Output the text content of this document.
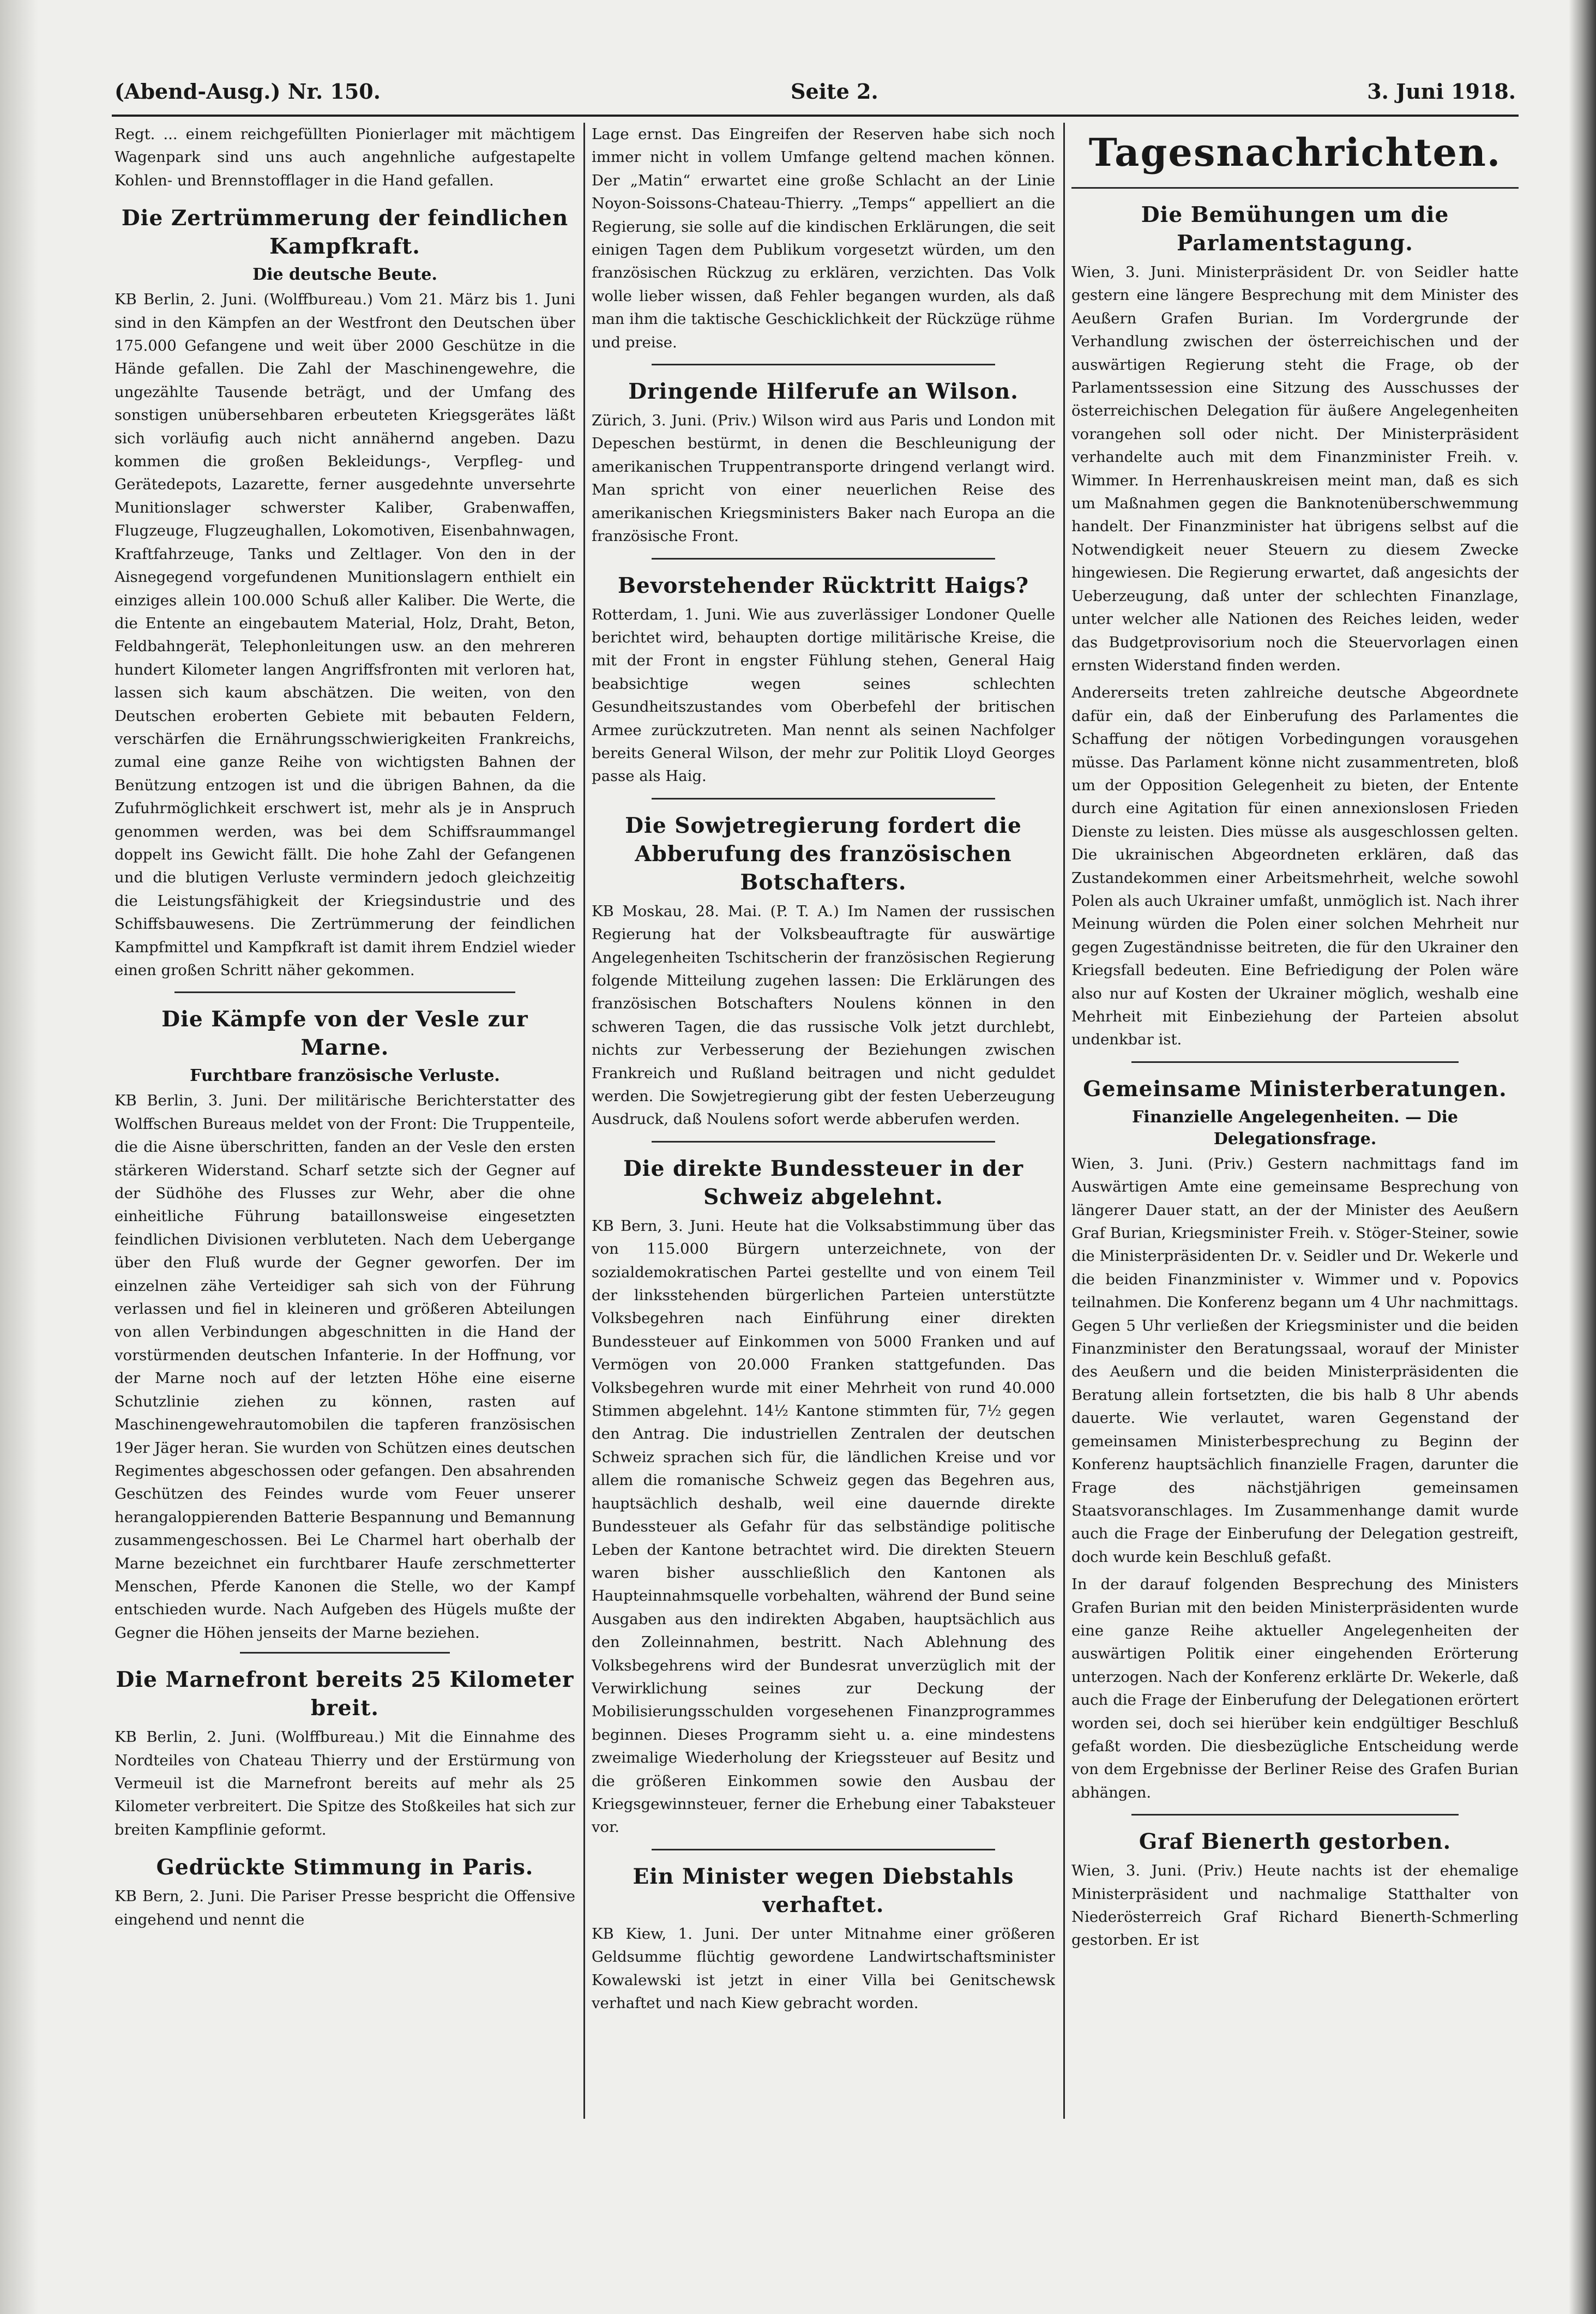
(Abend-Ausg.) Nr. 150.	Seite 2.	3. Juni 1918.

Regt. ... einem reichgefüllten Pionierlager mit mächtigem Wagenpark sind uns auch angehnliche aufgestapelte Kohlen- und Brennstofflager in die Hand gefallen.

Die Zertrümmerung der feindlichen Kampfkraft.
Die deutsche Beute.

KB Berlin, 2. Juni. (Wolffbureau.) Vom 21. März bis 1. Juni sind in den Kämpfen an der Westfront den Deutschen über 175.000 Gefangene und weit über 2000 Geschütze in die Hände gefallen. Die Zahl der Maschinengewehre, die ungezählte Tausende beträgt, und der Umfang des sonstigen unübersehbaren erbeuteten Kriegsgerätes läßt sich vorläufig auch nicht annähernd angeben. Dazu kommen die großen Bekleidungs-, Verpfleg- und Gerätedepots, Lazarette, ferner ausgedehnte unversehrte Munitionslager schwerster Kaliber, Grabenwaffen, Flugzeuge, Flugzeughallen, Lokomotiven, Eisenbahnwagen, Kraftfahrzeuge, Tanks und Zeltlager. Von den in der Aisnegegend vorgefundenen Munitionslagern enthielt ein einziges allein 100.000 Schuß aller Kaliber. Die Werte, die die Entente an eingebautem Material, Holz, Draht, Beton, Feldbahngerät, Telephonleitungen usw. an den mehreren hundert Kilometer langen Angriffsfronten mit verloren hat, lassen sich kaum abschätzen. Die weiten, von den Deutschen eroberten Gebiete mit bebauten Feldern, verschärfen die Ernährungsschwierigkeiten Frankreichs, zumal eine ganze Reihe von wichtigsten Bahnen der Benützung entzogen ist und die übrigen Bahnen, da die Zufuhrmöglichkeit erschwert ist, mehr als je in Anspruch genommen werden, was bei dem Schiffsraummangel doppelt ins Gewicht fällt. Die hohe Zahl der Gefangenen und die blutigen Verluste vermindern jedoch gleichzeitig die Leistungsfähigkeit der Kriegsindustrie und des Schiffsbauwesens. Die Zertrümmerung der feindlichen Kampfmittel und Kampfkraft ist damit ihrem Endziel wieder einen großen Schritt näher gekommen.

Die Kämpfe von der Vesle zur Marne.
Furchtbare französische Verluste.

KB Berlin, 3. Juni. Der militärische Berichterstatter des Wolffschen Bureaus meldet von der Front: Die Truppenteile, die die Aisne überschritten, fanden an der Vesle den ersten stärkeren Widerstand. Scharf setzte sich der Gegner auf der Südhöhe des Flusses zur Wehr, aber die ohne einheitliche Führung bataillonsweise eingesetzten feindlichen Divisionen verbluteten. Nach dem Uebergange über den Fluß wurde der Gegner geworfen. Der im einzelnen zähe Verteidiger sah sich von der Führung verlassen und fiel in kleineren und größeren Abteilungen von allen Verbindungen abgeschnitten in die Hand der vorstürmenden deutschen Infanterie. In der Hoffnung, vor der Marne noch auf der letzten Höhe eine eiserne Schutzlinie ziehen zu können, rasten auf Maschinengewehrautomobilen die tapferen französischen 19er Jäger heran. Sie wurden von Schützen eines deutschen Regimentes abgeschossen oder gefangen. Den absahrenden Geschützen des Feindes wurde vom Feuer unserer herangaloppierenden Batterie Bespannung und Bemannung zusammengeschossen. Bei Le Charmel hart oberhalb der Marne bezeichnet ein furchtbarer Haufe zerschmetterter Menschen, Pferde Kanonen die Stelle, wo der Kampf entschieden wurde. Nach Aufgeben des Hügels mußte der Gegner die Höhen jenseits der Marne beziehen.

Die Marnefront bereits 25 Kilometer breit.

KB Berlin, 2. Juni. (Wolffbureau.) Mit die Einnahme des Nordteiles von Chateau Thierry und der Erstürmung von Vermeuil ist die Marnefront bereits auf mehr als 25 Kilometer verbreitert. Die Spitze des Stoßkeiles hat sich zur breiten Kampflinie geformt.

Gedrückte Stimmung in Paris.

KB Bern, 2. Juni. Die Pariser Presse bespricht die Offensive eingehend und nennt die

Lage ernst. Das Eingreifen der Reserven habe sich noch immer nicht in vollem Umfange geltend machen können. Der „Matin“ erwartet eine große Schlacht an der Linie Noyon-Soissons-Chateau-Thierry. „Temps“ appelliert an die Regierung, sie solle auf die kindischen Erklärungen, die seit einigen Tagen dem Publikum vorgesetzt würden, um den französischen Rückzug zu erklären, verzichten. Das Volk wolle lieber wissen, daß Fehler begangen wurden, als daß man ihm die taktische Geschicklichkeit der Rückzüge rühme und preise.

Dringende Hilferufe an Wilson.

Zürich, 3. Juni. (Priv.) Wilson wird aus Paris und London mit Depeschen bestürmt, in denen die Beschleunigung der amerikanischen Truppentransporte dringend verlangt wird. Man spricht von einer neuerlichen Reise des amerikanischen Kriegsministers Baker nach Europa an die französische Front.

Bevorstehender Rücktritt Haigs?

Rotterdam, 1. Juni. Wie aus zuverlässiger Londoner Quelle berichtet wird, behaupten dortige militärische Kreise, die mit der Front in engster Fühlung stehen, General Haig beabsichtige wegen seines schlechten Gesundheitszustandes vom Oberbefehl der britischen Armee zurückzutreten. Man nennt als seinen Nachfolger bereits General Wilson, der mehr zur Politik Lloyd Georges passe als Haig.

Die Sowjetregierung fordert die Abberufung des französischen Botschafters.

KB Moskau, 28. Mai. (P. T. A.) Im Namen der russischen Regierung hat der Volksbeauftragte für auswärtige Angelegenheiten Tschitscherin der französischen Regierung folgende Mitteilung zugehen lassen: Die Erklärungen des französischen Botschafters Noulens können in den schweren Tagen, die das russische Volk jetzt durchlebt, nichts zur Verbesserung der Beziehungen zwischen Frankreich und Rußland beitragen und nicht geduldet werden. Die Sowjetregierung gibt der festen Ueberzeugung Ausdruck, daß Noulens sofort werde abberufen werden.

Die direkte Bundessteuer in der Schweiz abgelehnt.

KB Bern, 3. Juni. Heute hat die Volksabstimmung über das von 115.000 Bürgern unterzeichnete, von der sozialdemokratischen Partei gestellte und von einem Teil der linksstehenden bürgerlichen Parteien unterstützte Volksbegehren nach Einführung einer direkten Bundessteuer auf Einkommen von 5000 Franken und auf Vermögen von 20.000 Franken stattgefunden. Das Volksbegehren wurde mit einer Mehrheit von rund 40.000 Stimmen abgelehnt. 14½ Kantone stimmten für, 7½ gegen den Antrag. Die industriellen Zentralen der deutschen Schweiz sprachen sich für, die ländlichen Kreise und vor allem die romanische Schweiz gegen das Begehren aus, hauptsächlich deshalb, weil eine dauernde direkte Bundessteuer als Gefahr für das selbständige politische Leben der Kantone betrachtet wird. Die direkten Steuern waren bisher ausschließlich den Kantonen als Haupteinnahmsquelle vorbehalten, während der Bund seine Ausgaben aus den indirekten Abgaben, hauptsächlich aus den Zolleinnahmen, bestritt. Nach Ablehnung des Volksbegehrens wird der Bundesrat unverzüglich mit der Verwirklichung seines zur Deckung der Mobilisierungsschulden vorgesehenen Finanzprogrammes beginnen. Dieses Programm sieht u. a. eine mindestens zweimalige Wiederholung der Kriegssteuer auf Besitz und die größeren Einkommen sowie den Ausbau der Kriegsgewinnsteuer, ferner die Erhebung einer Tabaksteuer vor.

Ein Minister wegen Diebstahls verhaftet.

KB Kiew, 1. Juni. Der unter Mitnahme einer größeren Geldsumme flüchtig gewordene Landwirtschaftsminister Kowalewski ist jetzt in einer Villa bei Genitschewsk verhaftet und nach Kiew gebracht worden.

Tagesnachrichten.
Die Bemühungen um die Parlamentstagung.

Wien, 3. Juni. Ministerpräsident Dr. von Seidler hatte gestern eine längere Besprechung mit dem Minister des Aeußern Grafen Burian. Im Vordergrunde der Verhandlung zwischen der österreichischen und der auswärtigen Regierung steht die Frage, ob der Parlamentssession eine Sitzung des Ausschusses der österreichischen Delegation für äußere Angelegenheiten vorangehen soll oder nicht. Der Ministerpräsident verhandelte auch mit dem Finanzminister Freih. v. Wimmer. In Herrenhauskreisen meint man, daß es sich um Maßnahmen gegen die Banknotenüberschwemmung handelt. Der Finanzminister hat übrigens selbst auf die Notwendigkeit neuer Steuern zu diesem Zwecke hingewiesen. Die Regierung erwartet, daß angesichts der Ueberzeugung, daß unter der schlechten Finanzlage, unter welcher alle Nationen des Reiches leiden, weder das Budgetprovisorium noch die Steuervorlagen einen ernsten Widerstand finden werden.

Andererseits treten zahlreiche deutsche Abgeordnete dafür ein, daß der Einberufung des Parlamentes die Schaffung der nötigen Vorbedingungen vorausgehen müsse. Das Parlament könne nicht zusammentreten, bloß um der Opposition Gelegenheit zu bieten, der Entente durch eine Agitation für einen annexionslosen Frieden Dienste zu leisten. Dies müsse als ausgeschlossen gelten. Die ukrainischen Abgeordneten erklären, daß das Zustandekommen einer Arbeitsmehrheit, welche sowohl Polen als auch Ukrainer umfaßt, unmöglich ist. Nach ihrer Meinung würden die Polen einer solchen Mehrheit nur gegen Zugeständnisse beitreten, die für den Ukrainer den Kriegsfall bedeuten. Eine Befriedigung der Polen wäre also nur auf Kosten der Ukrainer möglich, weshalb eine Mehrheit mit Einbeziehung der Parteien absolut undenkbar ist.

Gemeinsame Ministerberatungen.
Finanzielle Angelegenheiten. — Die Delegationsfrage.

Wien, 3. Juni. (Priv.) Gestern nachmittags fand im Auswärtigen Amte eine gemeinsame Besprechung von längerer Dauer statt, an der der Minister des Aeußern Graf Burian, Kriegsminister Freih. v. Stöger-Steiner, sowie die Ministerpräsidenten Dr. v. Seidler und Dr. Wekerle und die beiden Finanzminister v. Wimmer und v. Popovics teilnahmen. Die Konferenz begann um 4 Uhr nachmittags. Gegen 5 Uhr verließen der Kriegsminister und die beiden Finanzminister den Beratungssaal, worauf der Minister des Aeußern und die beiden Ministerpräsidenten die Beratung allein fortsetzten, die bis halb 8 Uhr abends dauerte. Wie verlautet, waren Gegenstand der gemeinsamen Ministerbesprechung zu Beginn der Konferenz hauptsächlich finanzielle Fragen, darunter die Frage des nächstjährigen gemeinsamen Staatsvoranschlages. Im Zusammenhange damit wurde auch die Frage der Einberufung der Delegation gestreift, doch wurde kein Beschluß gefaßt.

In der darauf folgenden Besprechung des Ministers Grafen Burian mit den beiden Ministerpräsidenten wurde eine ganze Reihe aktueller Angelegenheiten der auswärtigen Politik einer eingehenden Erörterung unterzogen. Nach der Konferenz erklärte Dr. Wekerle, daß auch die Frage der Einberufung der Delegationen erörtert worden sei, doch sei hierüber kein endgültiger Beschluß gefaßt worden. Die diesbezügliche Entscheidung werde von dem Ergebnisse der Berliner Reise des Grafen Burian abhängen.

Graf Bienerth gestorben.

Wien, 3. Juni. (Priv.) Heute nachts ist der ehemalige Ministerpräsident und nachmalige Statthalter von Niederösterreich Graf Richard Bienerth-Schmerling gestorben. Er ist
